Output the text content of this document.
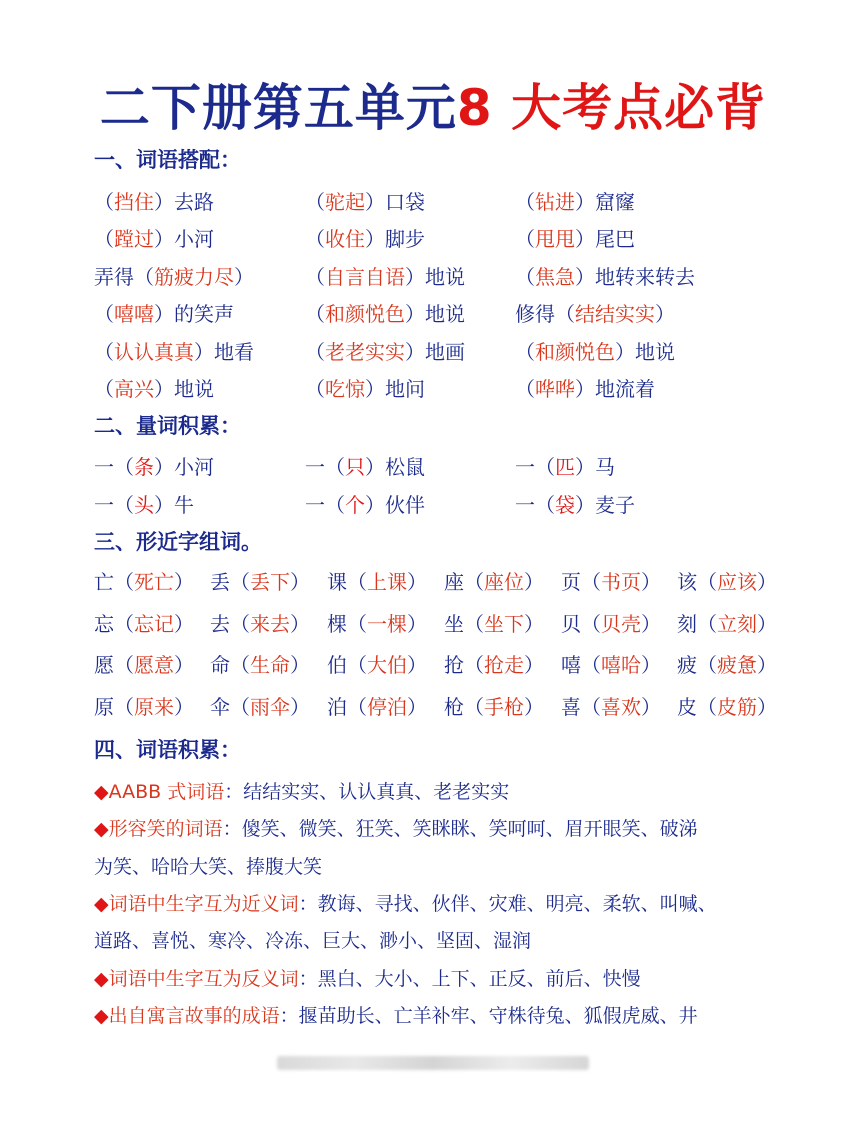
二下册第五单元8 大考点必背
一、词语搭配：
（挡住）去路	（驼起）口袋	（钻进）窟窿
（蹚过）小河	（收住）脚步	（甩甩）尾巴
弄得（筋疲力尽）	（自言自语）地说	（焦急）地转来转去
（嘻嘻）的笑声	（和颜悦色）地说	修得（结结实实）
（认认真真）地看	（老老实实）地画	（和颜悦色）地说
（高兴）地说	（吃惊）地问	（哗哗）地流着
二、量词积累：
一（条）小河	一（只）松鼠	一（匹）马
一（头）牛	一（个）伙伴	一（袋）麦子
三、形近字组词。
亡（死亡） 丢（丢下） 课（上课） 座（座位） 页（书页） 该（应该）
忘（忘记） 去（来去） 棵（一棵） 坐（坐下） 贝（贝壳） 刻（立刻）
愿（愿意） 命（生命） 伯（大伯） 抢（抢走） 嘻（嘻哈） 疲（疲惫）
原（原来） 伞（雨伞） 泊（停泊） 枪（手枪） 喜（喜欢） 皮（皮筋）
四、词语积累：
◆AABB 式词语：结结实实、认认真真、老老实实
◆形容笑的词语：傻笑、微笑、狂笑、笑眯眯、笑呵呵、眉开眼笑、破涕
为笑、哈哈大笑、捧腹大笑
◆词语中生字互为近义词：教诲、寻找、伙伴、灾难、明亮、柔软、叫喊、
道路、喜悦、寒冷、冷冻、巨大、渺小、坚固、湿润
◆词语中生字互为反义词：黑白、大小、上下、正反、前后、快慢
◆出自寓言故事的成语：揠苗助长、亡羊补牢、守株待兔、狐假虎威、井
